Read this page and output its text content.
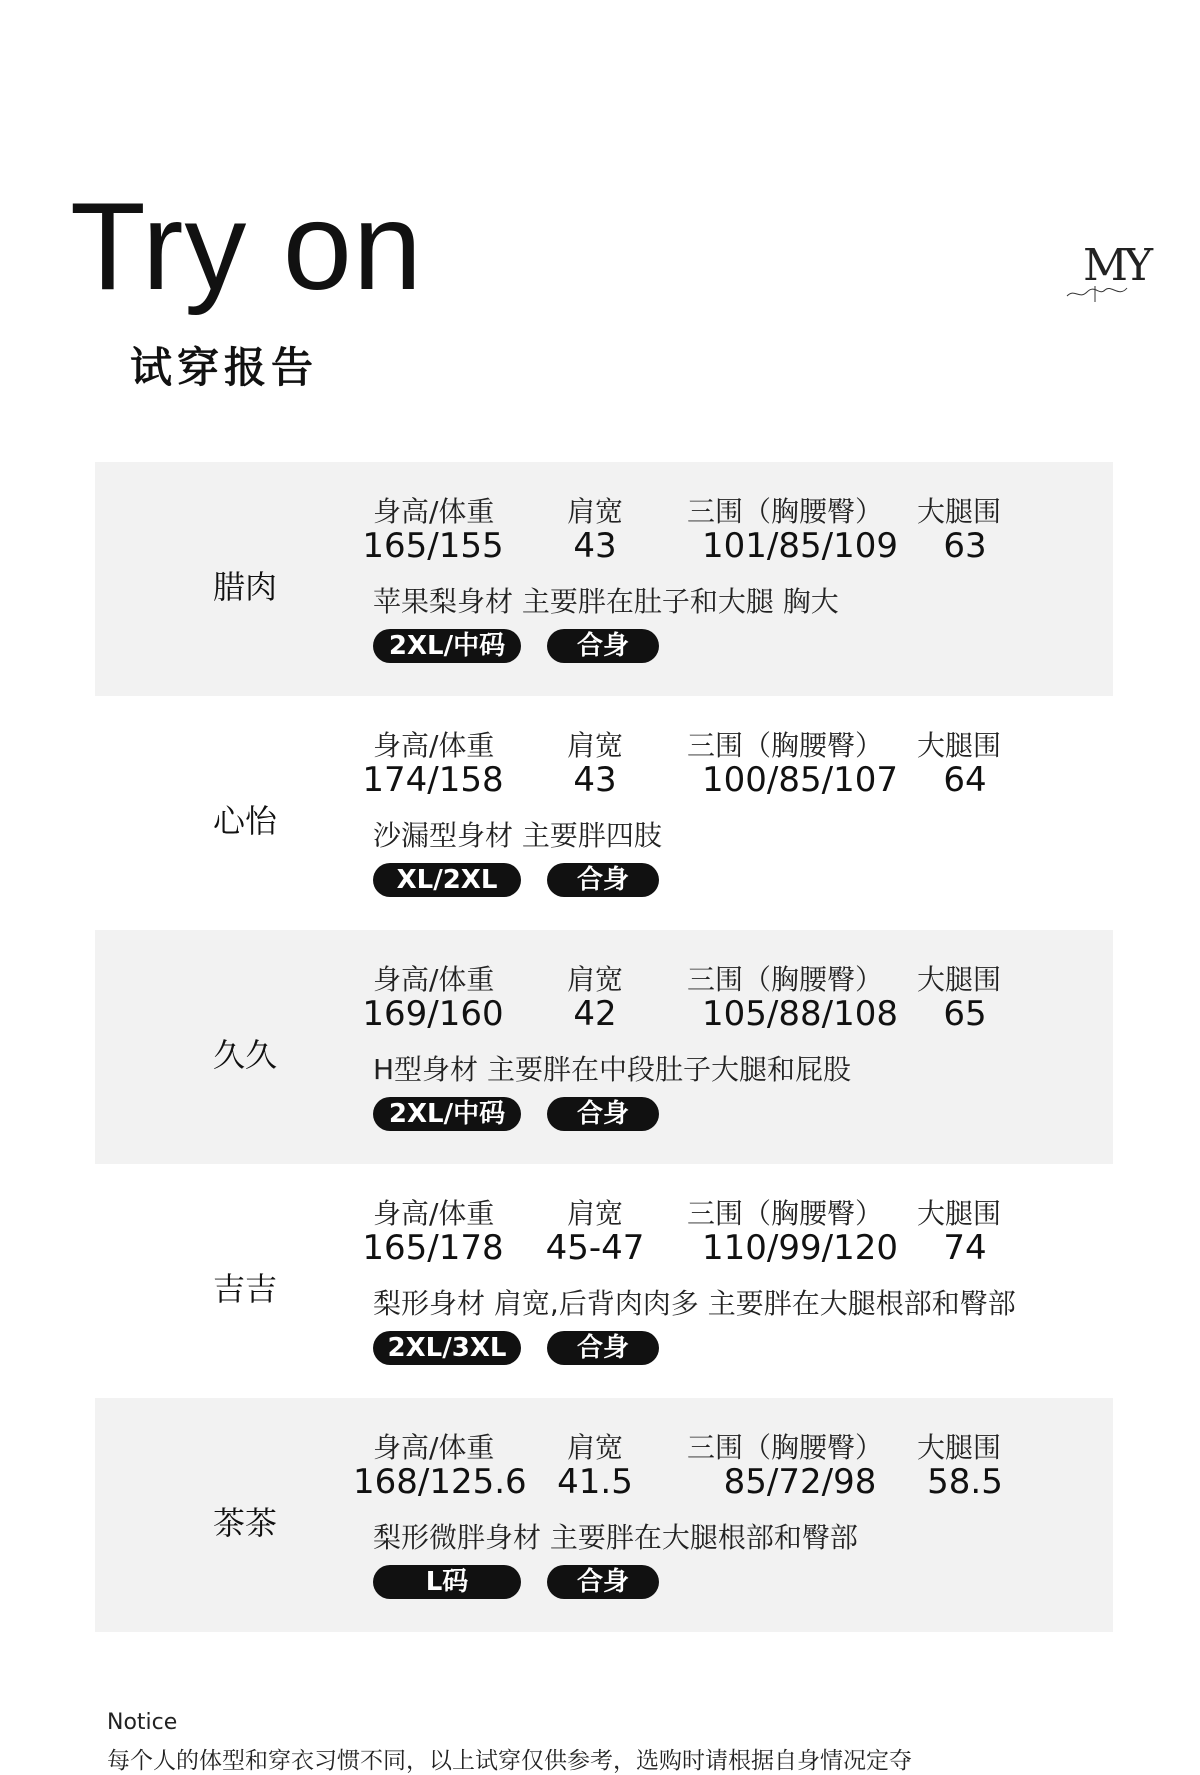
Try on
试穿报告
MY
腊肉
身高/体重	肩宽 三围（胸腰臀） 大腿围
165/155	43	101/85/109	63
苹果梨身材 主要胖在肚子和大腿 胸大
2XL/中码	合身
心怡
身高/体重	肩宽 三围（胸腰臀） 大腿围
174/158	43	100/85/107	64
沙漏型身材 主要胖四肢
XL/2XL	合身
久久
身高/体重	肩宽 三围（胸腰臀） 大腿围
169/160	42	105/88/108	65
H型身材 主要胖在中段肚子大腿和屁股
2XL/中码	合身
吉吉
身高/体重	肩宽 三围（胸腰臀） 大腿围
165/178	45-47	110/99/120	74
梨形身材 肩宽,后背肉肉多 主要胖在大腿根部和臀部
2XL/3XL	合身
茶茶
身高/体重	肩宽 三围（胸腰臀） 大腿围
168/125.6 41.5	85/72/98	58.5
梨形微胖身材 主要胖在大腿根部和臀部
L码	合身
Notice
每个人的体型和穿衣习惯不同，以上试穿仅供参考，选购时请根据自身情况定夺
